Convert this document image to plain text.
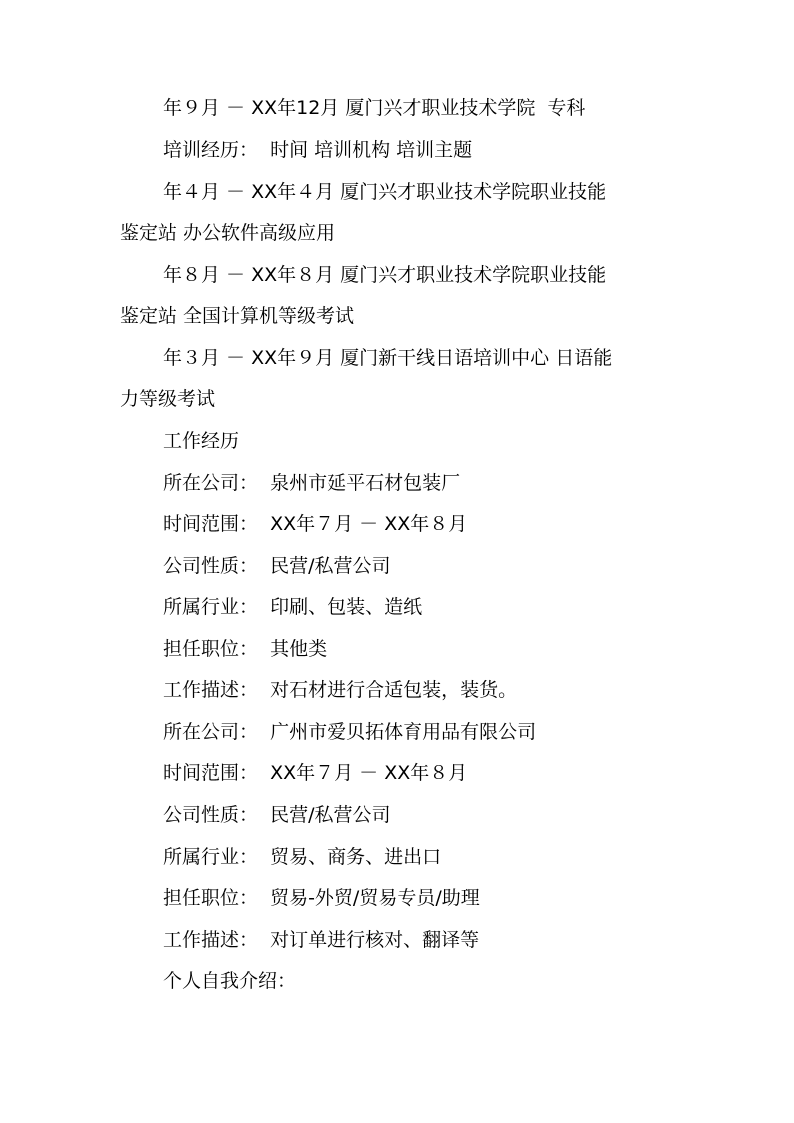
年９月 － XX年12月 厦门兴才职业技术学院  专科
培训经历：  时间 培训机构 培训主题
年４月 － XX年４月 厦门兴才职业技术学院职业技能
鉴定站 办公软件高级应用
年８月 － XX年８月 厦门兴才职业技术学院职业技能
鉴定站 全国计算机等级考试
年３月 － XX年９月 厦门新干线日语培训中心 日语能
力等级考试
工作经历
所在公司：  泉州市延平石材包装厂
时间范围：  XX年７月 － XX年８月
公司性质：  民营/私营公司
所属行业：  印刷、包装、造纸
担任职位：  其他类
工作描述：  对石材进行合适包装，装货。
所在公司：  广州市爱贝拓体育用品有限公司
时间范围：  XX年７月 － XX年８月
公司性质：  民营/私营公司
所属行业：  贸易、商务、进出口
担任职位：  贸易-外贸/贸易专员/助理
工作描述：  对订单进行核对、翻译等
个人自我介绍：
